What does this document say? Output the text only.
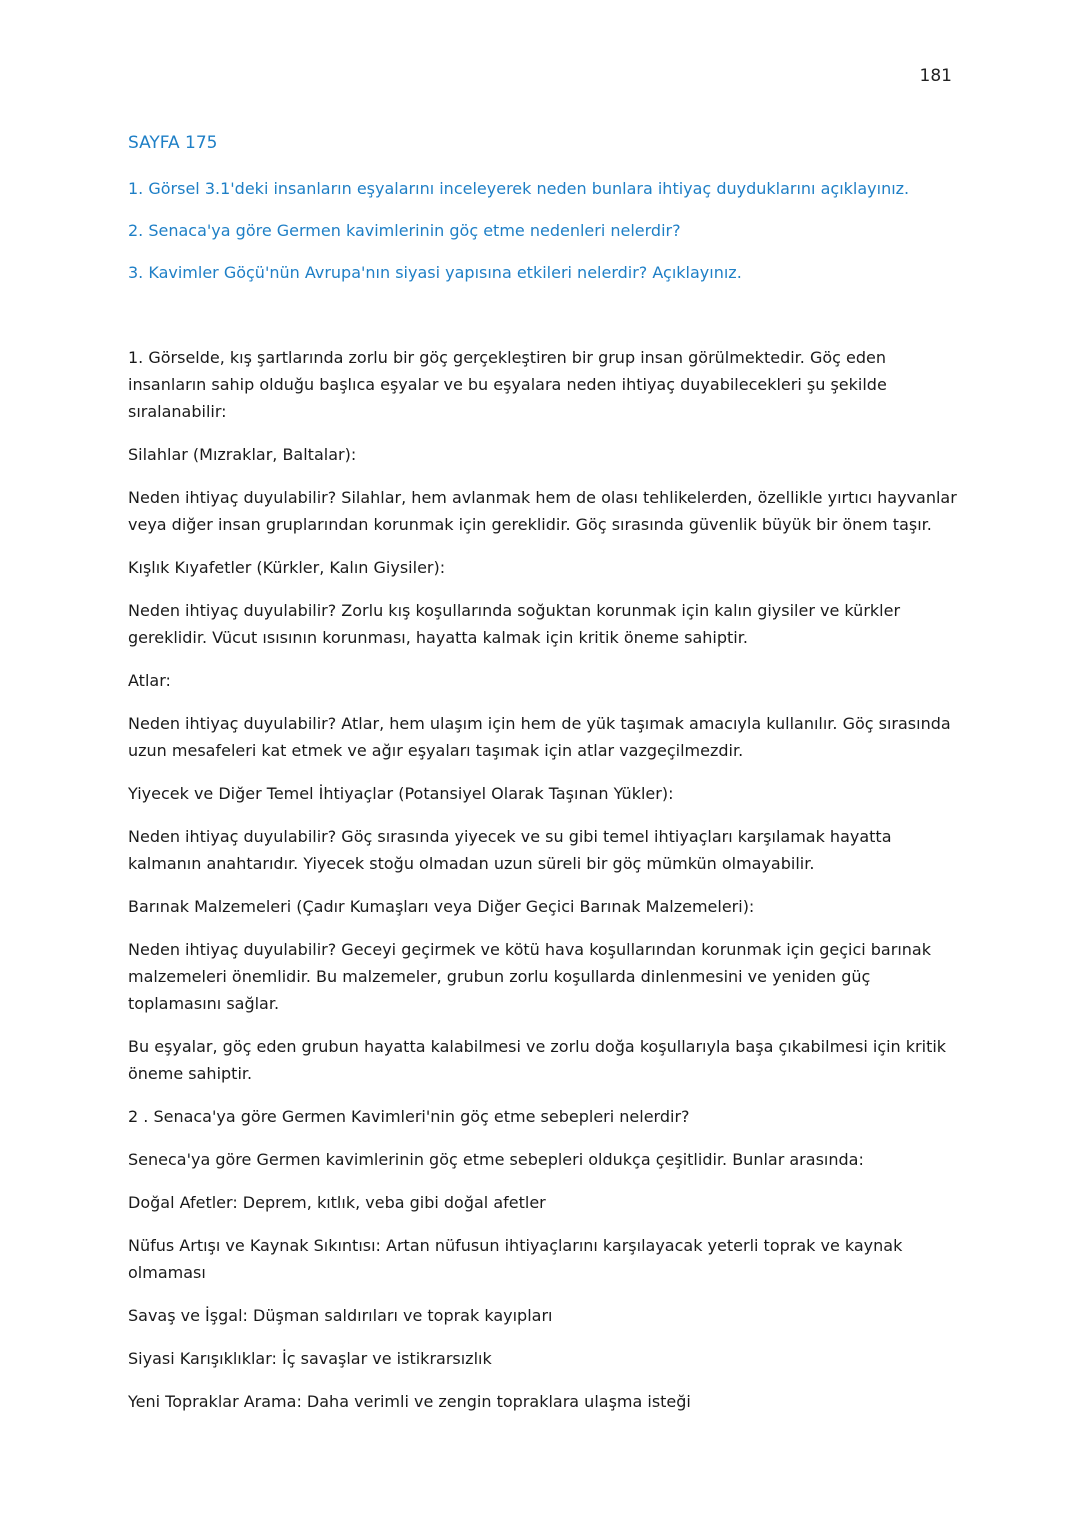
181

SAYFA 175

1. Görsel 3.1'deki insanların eşyalarını inceleyerek neden bunlara ihtiyaç duyduklarını açıklayınız.

2. Senaca'ya göre Germen kavimlerinin göç etme nedenleri nelerdir?

3. Kavimler Göçü'nün Avrupa'nın siyasi yapısına etkileri nelerdir? Açıklayınız.

1. Görselde, kış şartlarında zorlu bir göç gerçekleştiren bir grup insan görülmektedir. Göç eden insanların sahip olduğu başlıca eşyalar ve bu eşyalara neden ihtiyaç duyabilecekleri şu şekilde sıralanabilir:

Silahlar (Mızraklar, Baltalar):

Neden ihtiyaç duyulabilir? Silahlar, hem avlanmak hem de olası tehlikelerden, özellikle yırtıcı hayvanlar veya diğer insan gruplarından korunmak için gereklidir. Göç sırasında güvenlik büyük bir önem taşır.

Kışlık Kıyafetler (Kürkler, Kalın Giysiler):

Neden ihtiyaç duyulabilir? Zorlu kış koşullarında soğuktan korunmak için kalın giysiler ve kürkler gereklidir. Vücut ısısının korunması, hayatta kalmak için kritik öneme sahiptir.

Atlar:

Neden ihtiyaç duyulabilir? Atlar, hem ulaşım için hem de yük taşımak amacıyla kullanılır. Göç sırasında uzun mesafeleri kat etmek ve ağır eşyaları taşımak için atlar vazgeçilmezdir.

Yiyecek ve Diğer Temel İhtiyaçlar (Potansiyel Olarak Taşınan Yükler):

Neden ihtiyaç duyulabilir? Göç sırasında yiyecek ve su gibi temel ihtiyaçları karşılamak hayatta kalmanın anahtarıdır. Yiyecek stoğu olmadan uzun süreli bir göç mümkün olmayabilir.

Barınak Malzemeleri (Çadır Kumaşları veya Diğer Geçici Barınak Malzemeleri):

Neden ihtiyaç duyulabilir? Geceyi geçirmek ve kötü hava koşullarından korunmak için geçici barınak malzemeleri önemlidir. Bu malzemeler, grubun zorlu koşullarda dinlenmesini ve yeniden güç toplamasını sağlar.

Bu eşyalar, göç eden grubun hayatta kalabilmesi ve zorlu doğa koşullarıyla başa çıkabilmesi için kritik öneme sahiptir.

2 . Senaca'ya göre Germen Kavimleri'nin göç etme sebepleri nelerdir?

Seneca'ya göre Germen kavimlerinin göç etme sebepleri oldukça çeşitlidir. Bunlar arasında:

Doğal Afetler: Deprem, kıtlık, veba gibi doğal afetler

Nüfus Artışı ve Kaynak Sıkıntısı: Artan nüfusun ihtiyaçlarını karşılayacak yeterli toprak ve kaynak olmaması

Savaş ve İşgal: Düşman saldırıları ve toprak kayıpları

Siyasi Karışıklıklar: İç savaşlar ve istikrarsızlık

Yeni Topraklar Arama: Daha verimli ve zengin topraklara ulaşma isteği
